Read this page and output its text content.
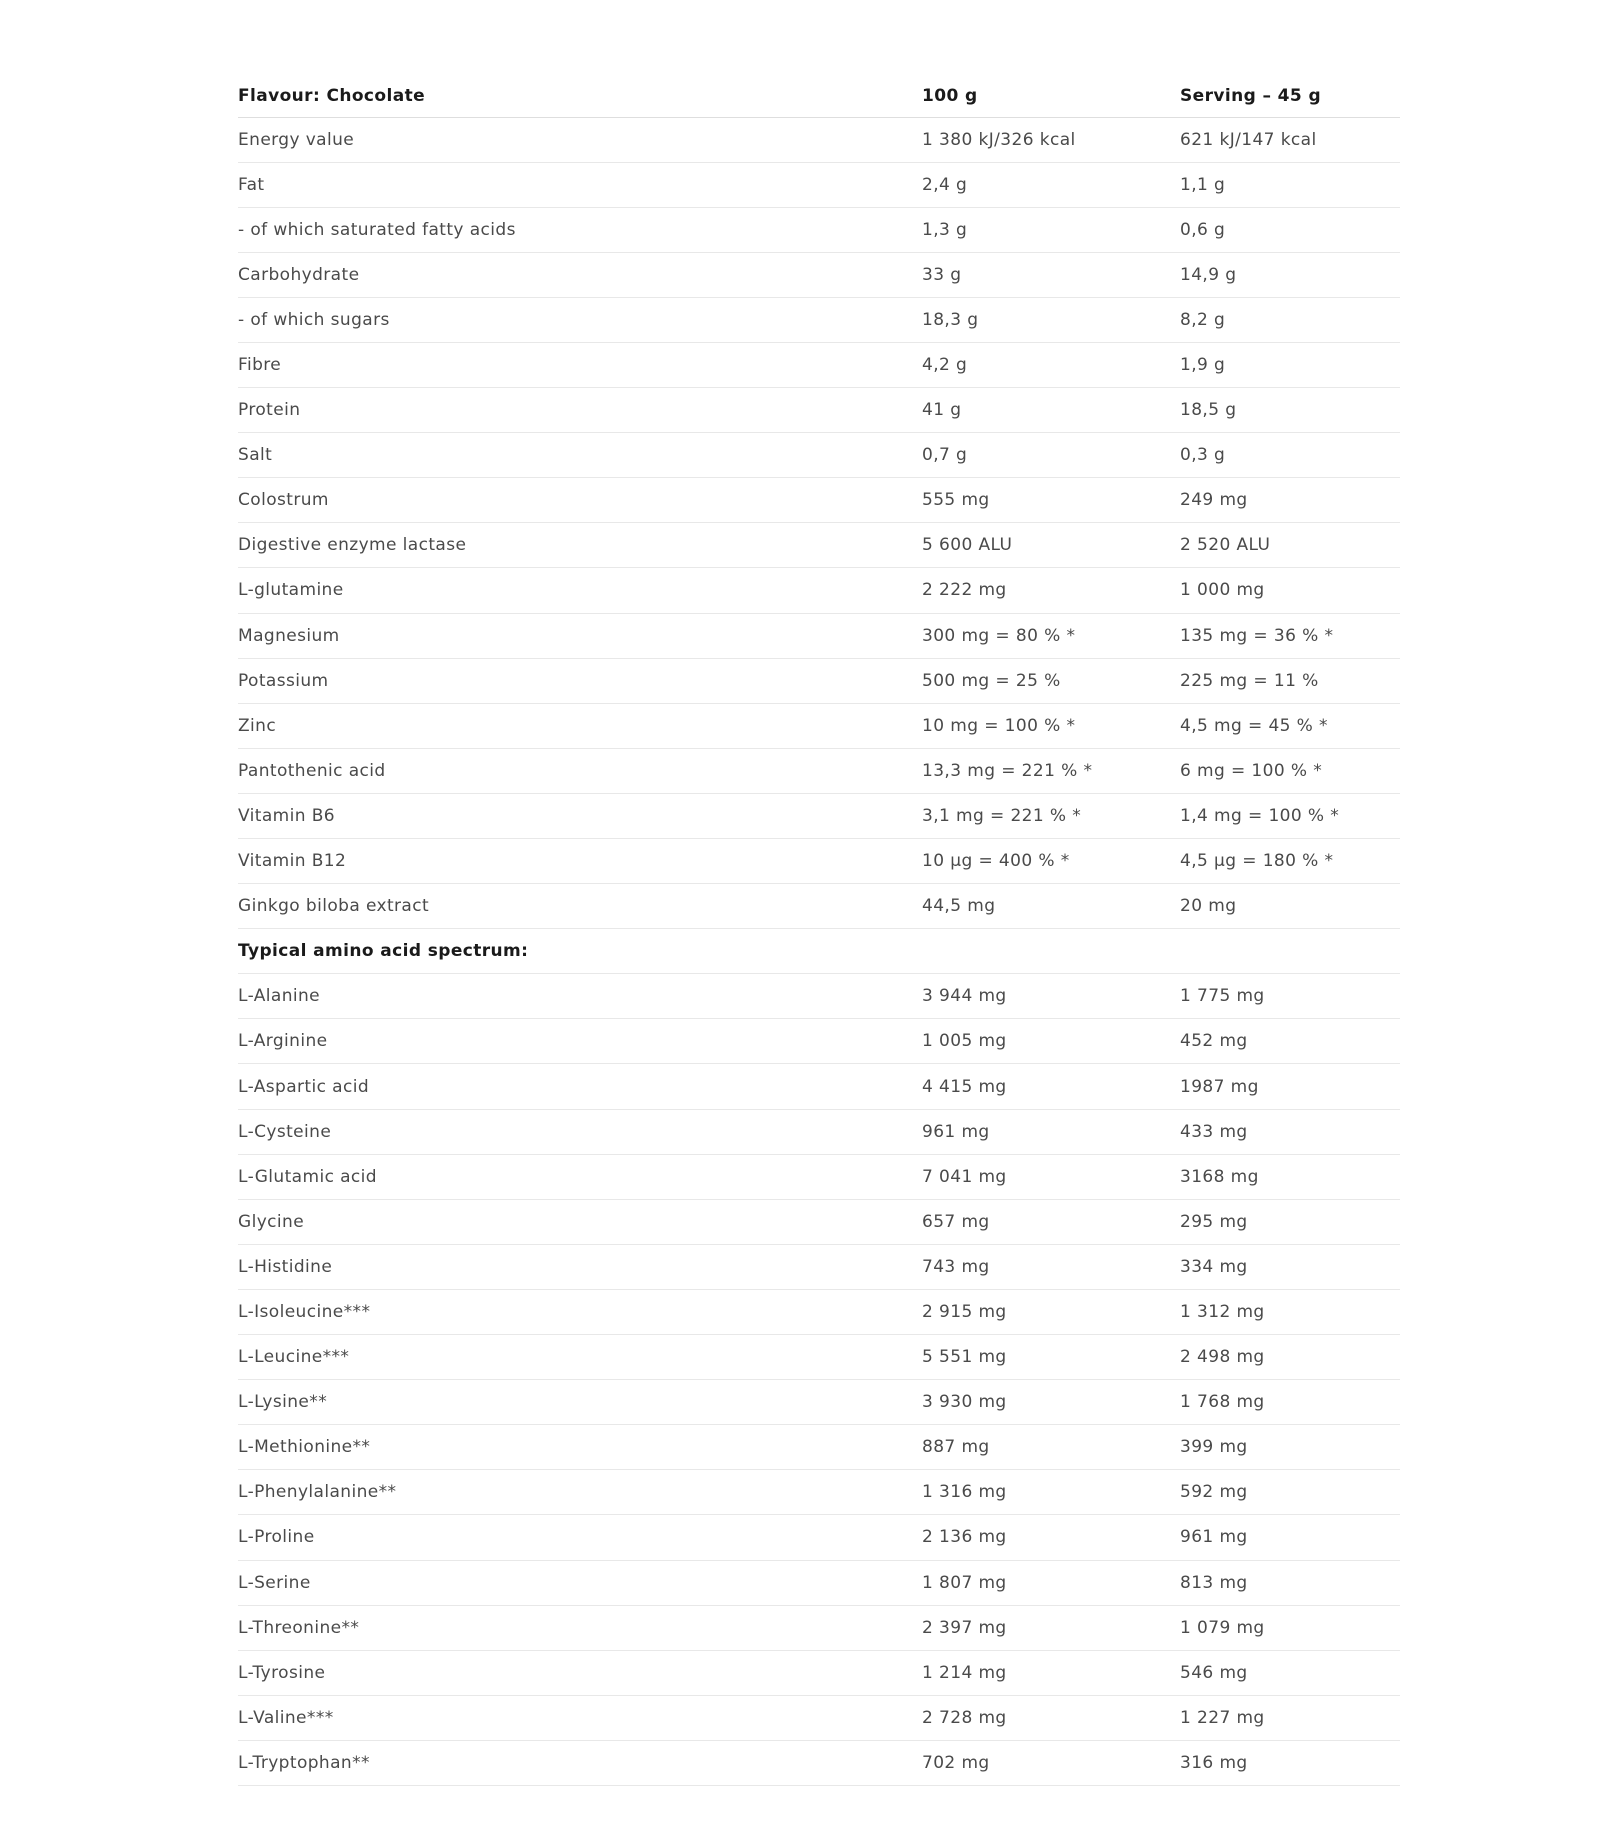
Flavour: Chocolate	100 g	Serving – 45 g
Energy value	1 380 kJ/326 kcal	621 kJ/147 kcal
Fat	2,4 g	1,1 g
- of which saturated fatty acids	1,3 g	0,6 g
Carbohydrate	33 g	14,9 g
- of which sugars	18,3 g	8,2 g
Fibre	4,2 g	1,9 g
Protein	41 g	18,5 g
Salt	0,7 g	0,3 g
Colostrum	555 mg	249 mg
Digestive enzyme lactase	5 600 ALU	2 520 ALU
L-glutamine	2 222 mg	1 000 mg
Magnesium	300 mg = 80 % *	135 mg = 36 % *
Potassium	500 mg = 25 %	225 mg = 11 %
Zinc	10 mg = 100 % *	4,5 mg = 45 % *
Pantothenic acid	13,3 mg = 221 % *	6 mg = 100 % *
Vitamin B6	3,1 mg = 221 % *	1,4 mg = 100 % *
Vitamin B12	10 µg = 400 % *	4,5 µg = 180 % *
Ginkgo biloba extract	44,5 mg	20 mg
Typical amino acid spectrum:		
L-Alanine	3 944 mg	1 775 mg
L-Arginine	1 005 mg	452 mg
L-Aspartic acid	4 415 mg	1987 mg
L-Cysteine	961 mg	433 mg
L-Glutamic acid	7 041 mg	3168 mg
Glycine	657 mg	295 mg
L-Histidine	743 mg	334 mg
L-Isoleucine***	2 915 mg	1 312 mg
L-Leucine***	5 551 mg	2 498 mg
L-Lysine**	3 930 mg	1 768 mg
L-Methionine**	887 mg	399 mg
L-Phenylalanine**	1 316 mg	592 mg
L-Proline	2 136 mg	961 mg
L-Serine	1 807 mg	813 mg
L-Threonine**	2 397 mg	1 079 mg
L-Tyrosine	1 214 mg	546 mg
L-Valine***	2 728 mg	1 227 mg
L-Tryptophan**	702 mg	316 mg
